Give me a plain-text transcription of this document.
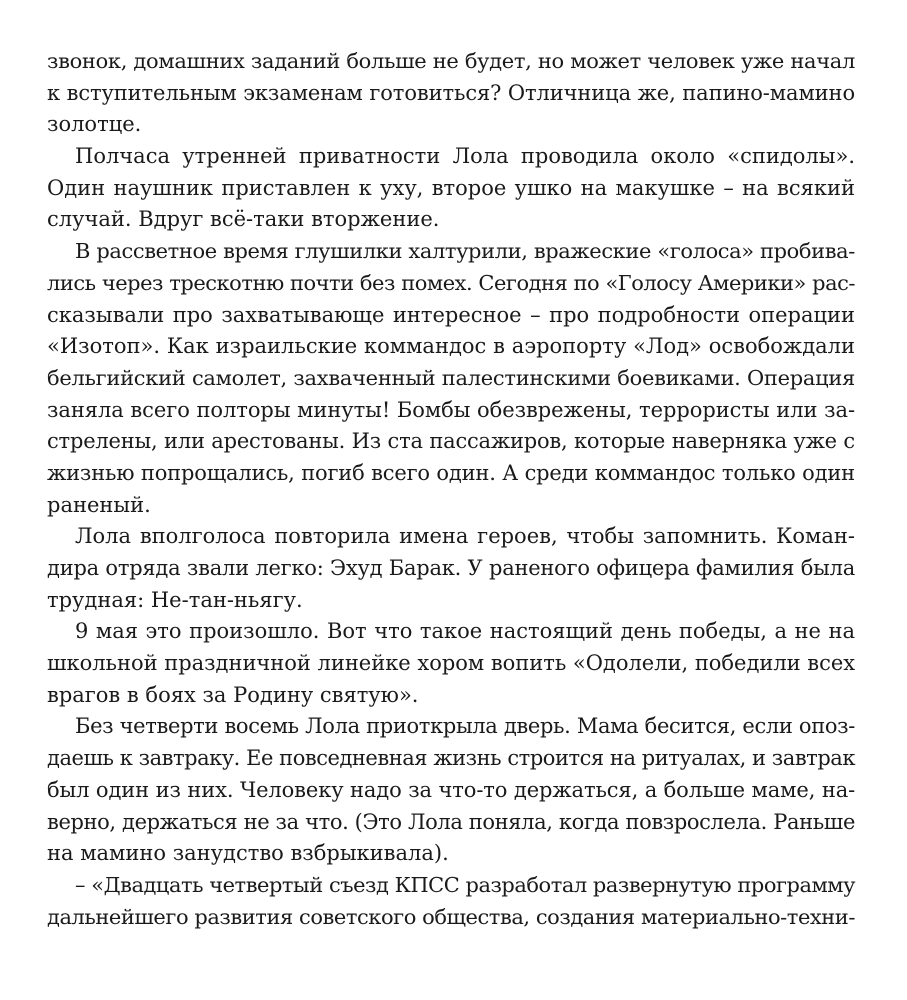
звонок, домашних заданий больше не будет, но может человек уже начал
к вступительным экзаменам готовиться? Отличница же, папино-мамино
золотце.
Полчаса утренней приватности Лола проводила около «спидолы».
Один наушник приставлен к уху, второе ушко на макушке – на всякий
случай. Вдруг всё-таки вторжение.
В рассветное время глушилки халтурили, вражеские «голоса» пробива-
лись через трескотню почти без помех. Сегодня по «Голосу Америки» рас-
сказывали про захватывающе интересное – про подробности операции
«Изотоп». Как израильские коммандос в аэропорту «Лод» освобождали
бельгийский самолет, захваченный палестинскими боевиками. Операция
заняла всего полторы минуты! Бомбы обезврежены, террористы или за-
стрелены, или арестованы. Из ста пассажиров, которые наверняка уже с
жизнью попрощались, погиб всего один. А среди коммандос только один
раненый.
Лола вполголоса повторила имена героев, чтобы запомнить. Коман-
дира отряда звали легко: Эхуд Барак. У раненого офицера фамилия была
трудная: Не-тан-ньягу.
9 мая это произошло. Вот что такое настоящий день победы, а не на
школьной праздничной линейке хором вопить «Одолели, победили всех
врагов в боях за Родину святую».
Без четверти восемь Лола приоткрыла дверь. Мама бесится, если опоз-
даешь к завтраку. Ее повседневная жизнь строится на ритуалах, и завтрак
был один из них. Человеку надо за что-то держаться, а больше маме, на-
верно, держаться не за что. (Это Лола поняла, когда повзрослела. Раньше
на мамино занудство взбрыкивала).
– «Двадцать четвертый съезд КПСС разработал развернутую программу
дальнейшего развития советского общества, создания материально-техни-
